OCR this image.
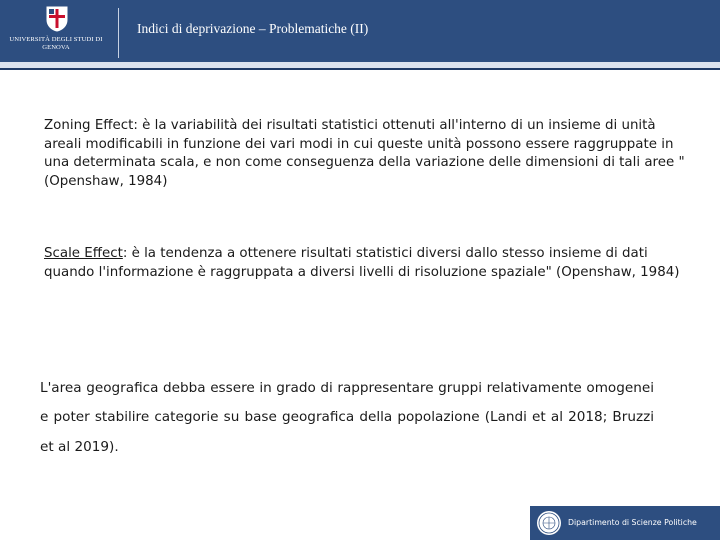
UNIVERSITÀ DEGLI STUDI DI GENOVA
Indici di deprivazione – Problematiche (II)

Zoning Effect: è la variabilità dei risultati statistici ottenuti all'interno di un insieme di unità areali modificabili in funzione dei vari modi in cui queste unità possono essere raggruppate in una determinata scala, e non come conseguenza della variazione delle dimensioni di tali aree "(Openshaw, 1984)

Scale Effect: è la tendenza a ottenere risultati statistici diversi dallo stesso insieme di dati quando l'informazione è raggruppata a diversi livelli di risoluzione spaziale" (Openshaw, 1984)

L'area geografica debba essere in grado di rappresentare gruppi relativamente omogenei e poter stabilire categorie su base geografica della popolazione (Landi et al 2018; Bruzzi et al 2019).

Dipartimento di Scienze Politiche
